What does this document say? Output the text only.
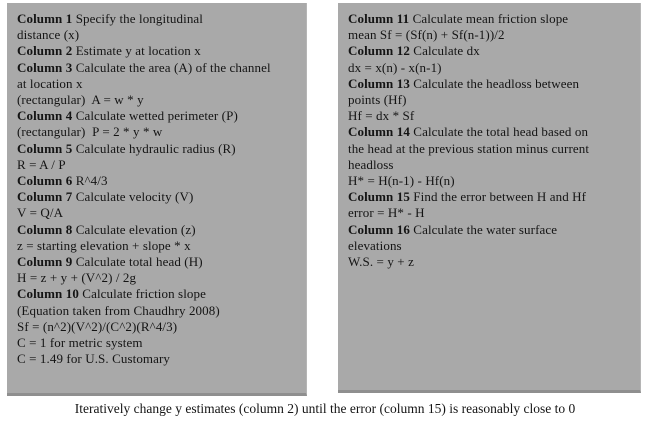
Column 1 Specify the longitudinal
distance (x)
Column 2 Estimate y at location x
Column 3 Calculate the area (A) of the channel
at location x
(rectangular)  A = w * y
Column 4 Calculate wetted perimeter (P)
(rectangular)  P = 2 * y * w
Column 5 Calculate hydraulic radius (R)
R = A / P
Column 6 R^4/3
Column 7 Calculate velocity (V)
V = Q/A
Column 8 Calculate elevation (z)
z = starting elevation + slope * x
Column 9 Calculate total head (H)
H = z + y + (V^2) / 2g
Column 10 Calculate friction slope
(Equation taken from Chaudhry 2008)
Sf = (n^2)(V^2)/(C^2)(R^4/3)
C = 1 for metric system
C = 1.49 for U.S. Customary
Column 11 Calculate mean friction slope
mean Sf = (Sf(n) + Sf(n-1))/2
Column 12 Calculate dx
dx = x(n) - x(n-1)
Column 13 Calculate the headloss between
points (Hf)
Hf = dx * Sf
Column 14 Calculate the total head based on
the head at the previous station minus current
headloss
H* = H(n-1) - Hf(n)
Column 15 Find the error between H and Hf
error = H* - H
Column 16 Calculate the water surface
elevations
W.S. = y + z
Iteratively change y estimates (column 2) until the error (column 15) is reasonably close to 0
